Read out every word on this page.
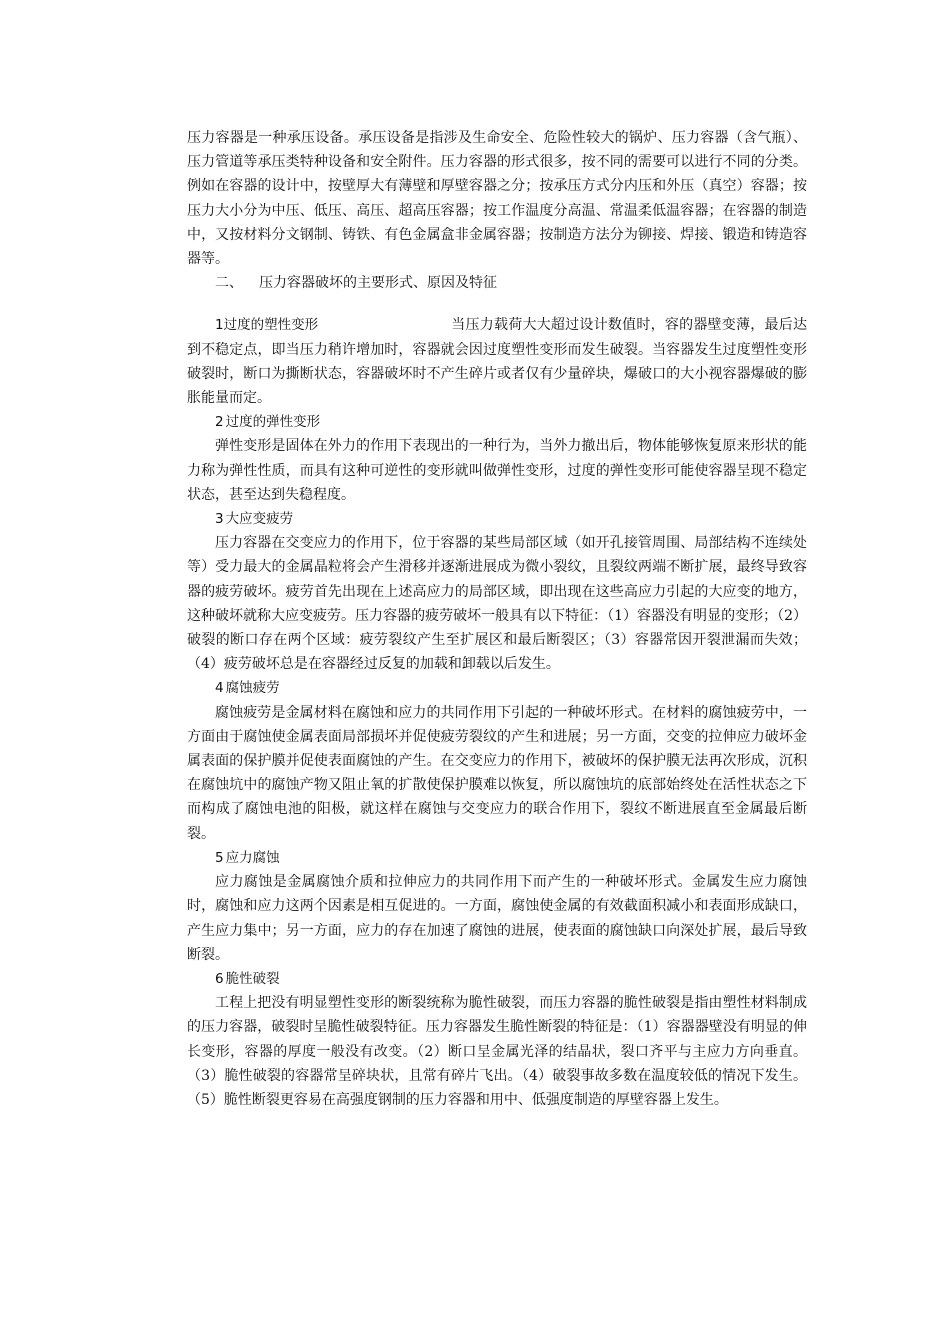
压力容器是一种承压设备。承压设备是指涉及生命安全、危险性较大的锅炉、压力容器（含气瓶）、压力管道等承压类特种设备和安全附件。压力容器的形式很多，按不同的需要可以进行不同的分类。例如在容器的设计中，按壁厚大有薄壁和厚壁容器之分；按承压方式分内压和外压（真空）容器；按压力大小分为中压、低压、高压、超高压容器；按工作温度分高温、常温柔低温容器；在容器的制造中，又按材料分文钢制、铸铁、有色金属盒非金属容器；按制造方法分为铆接、焊接、锻造和铸造容器等。

二、 压力容器破坏的主要形式、原因及特征

1过度的塑性变形	当压力载荷大大超过设计数值时，容的器壁变薄，最后达到不稳定点，即当压力稍许增加时，容器就会因过度塑性变形而发生破裂。当容器发生过度塑性变形破裂时，断口为撕断状态，容器破坏时不产生碎片或者仅有少量碎块，爆破口的大小视容器爆破的膨胀能量而定。

2 过度的弹性变形

弹性变形是固体在外力的作用下表现出的一种行为，当外力撤出后，物体能够恢复原来形状的能力称为弹性性质，而具有这种可逆性的变形就叫做弹性变形，过度的弹性变形可能使容器呈现不稳定状态，甚至达到失稳程度。

3 大应变疲劳

压力容器在交变应力的作用下，位于容器的某些局部区域（如开孔接管周围、局部结构不连续处等）受力最大的金属晶粒将会产生滑移并逐渐进展成为微小裂纹，且裂纹两端不断扩展，最终导致容器的疲劳破坏。疲劳首先出现在上述高应力的局部区域，即出现在这些高应力引起的大应变的地方，这种破坏就称大应变疲劳。压力容器的疲劳破坏一般具有以下特征：（1）容器没有明显的变形；（2）破裂的断口存在两个区域：疲劳裂纹产生至扩展区和最后断裂区；（3）容器常因开裂泄漏而失效；（4）疲劳破坏总是在容器经过反复的加载和卸载以后发生。

4 腐蚀疲劳

腐蚀疲劳是金属材料在腐蚀和应力的共同作用下引起的一种破坏形式。在材料的腐蚀疲劳中，一方面由于腐蚀使金属表面局部损坏并促使疲劳裂纹的产生和进展；另一方面，交变的拉伸应力破坏金属表面的保护膜并促使表面腐蚀的产生。在交变应力的作用下，被破坏的保护膜无法再次形成，沉积在腐蚀坑中的腐蚀产物又阻止氧的扩散使保护膜难以恢复，所以腐蚀坑的底部始终处在活性状态之下而构成了腐蚀电池的阳极，就这样在腐蚀与交变应力的联合作用下，裂纹不断进展直至金属最后断裂。

5 应力腐蚀

应力腐蚀是金属腐蚀介质和拉伸应力的共同作用下而产生的一种破坏形式。金属发生应力腐蚀时，腐蚀和应力这两个因素是相互促进的。一方面，腐蚀使金属的有效截面积减小和表面形成缺口，产生应力集中；另一方面，应力的存在加速了腐蚀的进展，使表面的腐蚀缺口向深处扩展，最后导致断裂。

6 脆性破裂

工程上把没有明显塑性变形的断裂统称为脆性破裂，而压力容器的脆性破裂是指由塑性材料制成的压力容器，破裂时呈脆性破裂特征。压力容器发生脆性断裂的特征是：（1）容器器壁没有明显的伸长变形，容器的厚度一般没有改变。（2）断口呈金属光泽的结晶状，裂口齐平与主应力方向垂直。（3）脆性破裂的容器常呈碎块状，且常有碎片飞出。（4）破裂事故多数在温度较低的情况下发生。（5）脆性断裂更容易在高强度钢制的压力容器和用中、低强度制造的厚壁容器上发生。
